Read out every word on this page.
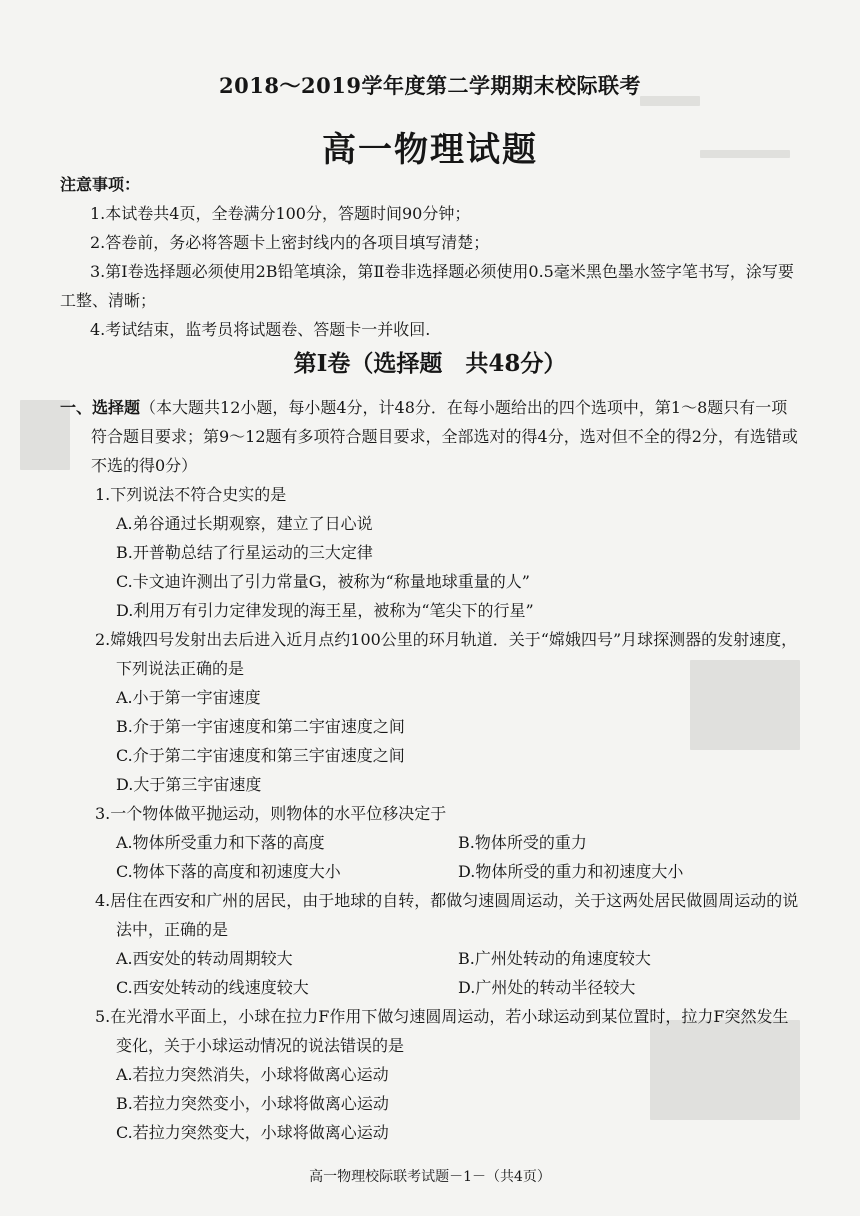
2018～2019学年度第二学期期末校际联考
高一物理试题
注意事项：
1.本试卷共4页，全卷满分100分，答题时间90分钟；
2.答卷前，务必将答题卡上密封线内的各项目填写清楚；
3.第Ⅰ卷选择题必须使用2B铅笔填涂，第Ⅱ卷非选择题必须使用0.5毫米黑色墨水签字笔书写，涂写要工整、清晰；
4.考试结束，监考员将试题卷、答题卡一并收回.
第Ⅰ卷（选择题　共48分）
一、选择题（本大题共12小题，每小题4分，计48分．在每小题给出的四个选项中，第1～8题只有一项符合题目要求；第9～12题有多项符合题目要求，全部选对的得4分，选对但不全的得2分，有选错或不选的得0分）
1.下列说法不符合史实的是
A.弟谷通过长期观察，建立了日心说
B.开普勒总结了行星运动的三大定律
C.卡文迪许测出了引力常量G，被称为“称量地球重量的人”
D.利用万有引力定律发现的海王星，被称为“笔尖下的行星”
2.嫦娥四号发射出去后进入近月点约100公里的环月轨道．关于“嫦娥四号”月球探测器的发射速度，下列说法正确的是
A.小于第一宇宙速度
B.介于第一宇宙速度和第二宇宙速度之间
C.介于第二宇宙速度和第三宇宙速度之间
D.大于第三宇宙速度
3.一个物体做平抛运动，则物体的水平位移决定于
A.物体所受重力和下落的高度	B.物体所受的重力
C.物体下落的高度和初速度大小	D.物体所受的重力和初速度大小
4.居住在西安和广州的居民，由于地球的自转，都做匀速圆周运动，关于这两处居民做圆周运动的说法中，正确的是
A.西安处的转动周期较大	B.广州处转动的角速度较大
C.西安处转动的线速度较大	D.广州处的转动半径较大
5.在光滑水平面上，小球在拉力F作用下做匀速圆周运动，若小球运动到某位置时，拉力F突然发生变化，关于小球运动情况的说法错误的是
A.若拉力突然消失，小球将做离心运动
B.若拉力突然变小，小球将做离心运动
C.若拉力突然变大，小球将做离心运动
高一物理校际联考试题－1－（共4页）
